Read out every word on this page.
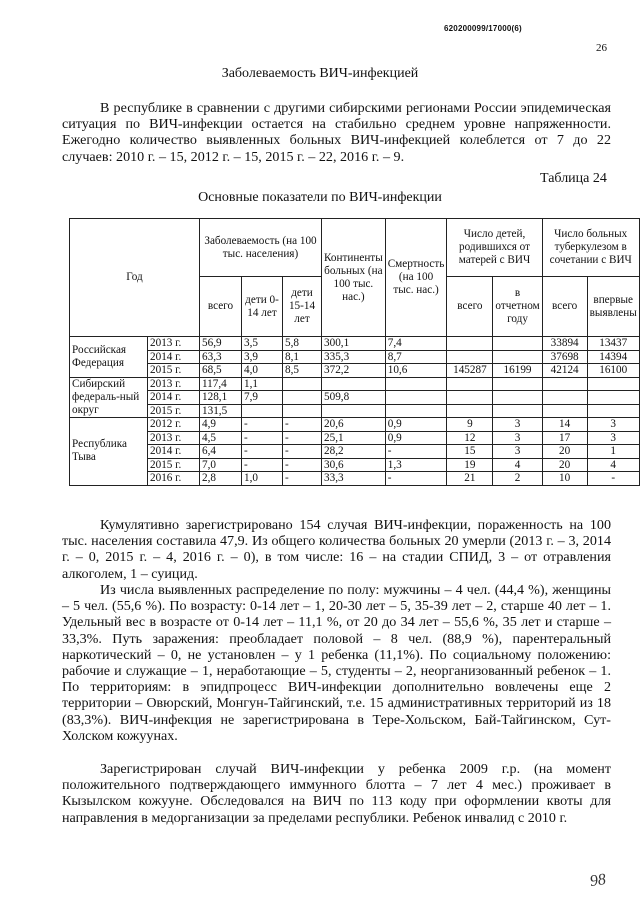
620200099/17000(6)
26
Заболеваемость ВИЧ-инфекцией

В республике в сравнении с другими сибирскими регионами России эпидемическая ситуация по ВИЧ-инфекции остается на стабильно среднем уровне напряженности. Ежегодно количество выявленных больных ВИЧ-инфекцией колеблется от 7 до 22 случаев: 2010 г. – 15, 2012 г. – 15, 2015 г. – 22, 2016 г. – 9.

Таблица 24
Основные показатели по ВИЧ-инфекции
Год		Заболеваемость (на 100 тыс. населения)			Континенты больных (на 100 тыс. нас.)	Смертность (на 100 тыс. нас.)	Число детей, родившихся от матерей с ВИЧ		Число больных туберкулезом в сочетании с ВИЧ	
		всего	дети 0-14 лет	дети 15-14 лет			всего	в отчетном году	всего	впервые выявлены
Российская Федерация	2013 г.	56,9	3,5	5,8	300,1	7,4			33894	13437
	2014 г.	63,3	3,9	8,1	335,3	8,7			37698	14394
	2015 г.	68,5	4,0	8,5	372,2	10,6	145287	16199	42124	16100
Сибирский федераль-ный округ	2013 г.	117,4	1,1							
	2014 г.	128,1	7,9		509,8					
	2015 г.	131,5								
Республика Тыва	2012 г.	4,9	-	-	20,6	0,9	9	3	14	3
	2013 г.	4,5	-	-	25,1	0,9	12	3	17	3
	2014 г.	6,4	-	-	28,2	-	15	3	20	1
	2015 г.	7,0	-	-	30,6	1,3	19	4	20	4
	2016 г.	2,8	1,0	-	33,3	-	21	2	10	-

Кумулятивно зарегистрировано 154 случая ВИЧ-инфекции, пораженность на 100 тыс. населения составила 47,9. Из общего количества больных 20 умерли (2013 г. – 3, 2014 г. – 0, 2015 г. – 4, 2016 г. – 0), в том числе: 16 – на стадии СПИД, 3 – от отравления алкоголем, 1 – суицид.

Из числа выявленных распределение по полу: мужчины – 4 чел. (44,4 %), женщины – 5 чел. (55,6 %). По возрасту: 0-14 лет – 1, 20-30 лет – 5, 35-39 лет – 2, старше 40 лет – 1. Удельный вес в возрасте от 0-14 лет – 11,1 %, от 20 до 34 лет – 55,6 %, 35 лет и старше – 33,3%. Путь заражения: преобладает половой – 8 чел. (88,9 %), парентеральный наркотический – 0, не установлен – у 1 ребенка (11,1%). По социальному положению: рабочие и служащие – 1, неработающие – 5, студенты – 2, неорганизованный ребенок – 1. По территориям: в эпидпроцесс ВИЧ-инфекции дополнительно вовлечены еще 2 территории – Овюрский, Монгун-Тайгинский, т.е. 15 административных территорий из 18 (83,3%). ВИЧ-инфекция не зарегистрирована в Тере-Хольском, Бай-Тайгинском, Сут-Холском кожуунах.

Зарегистрирован случай ВИЧ-инфекции у ребенка 2009 г.р. (на момент положительного подтверждающего иммунного блотта – 7 лет 4 мес.) проживает в Кызылском кожууне. Обследовался на ВИЧ по 113 коду при оформлении квоты для направления в медорганизации за пределами республики. Ребенок инвалид с 2010 г.

98
